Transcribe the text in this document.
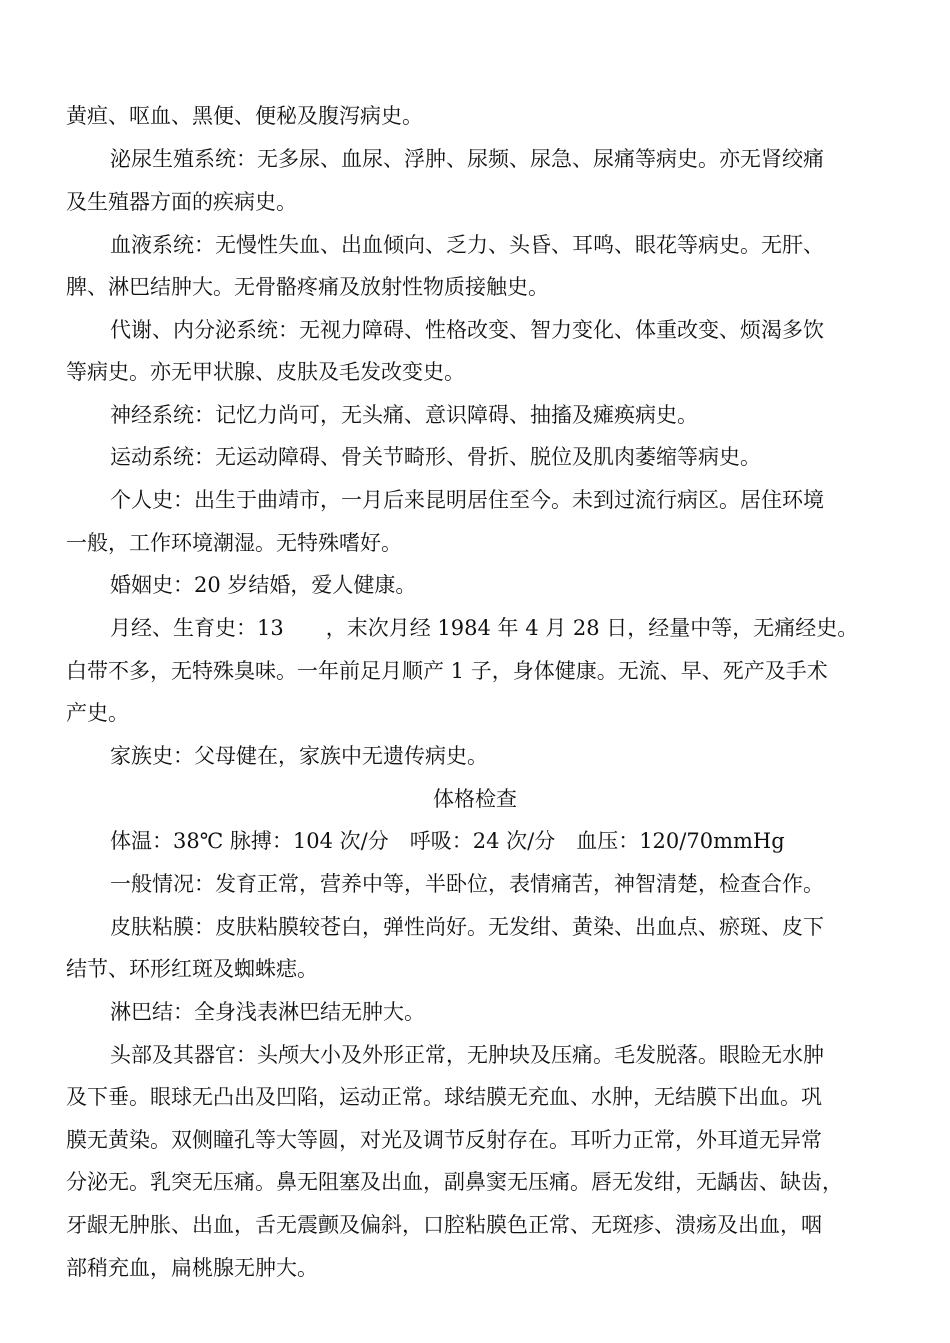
黄疸、呕血、黑便、便秘及腹泻病史。
泌尿生殖系统：无多尿、血尿、浮肿、尿频、尿急、尿痛等病史。亦无肾绞痛
及生殖器方面的疾病史。
血液系统：无慢性失血、出血倾向、乏力、头昏、耳鸣、眼花等病史。无肝、
脾、淋巴结肿大。无骨骼疼痛及放射性物质接触史。
代谢、内分泌系统：无视力障碍、性格改变、智力变化、体重改变、烦渴多饮
等病史。亦无甲状腺、皮肤及毛发改变史。
神经系统：记忆力尚可，无头痛、意识障碍、抽搐及瘫痪病史。
运动系统：无运动障碍、骨关节畸形、骨折、脱位及肌肉萎缩等病史。
个人史：出生于曲靖市，一月后来昆明居住至今。未到过流行病区。居住环境
一般，工作环境潮湿。无特殊嗜好。
婚姻史：20 岁结婚，爱人健康。
月经、生育史：13　　，末次月经 1984 年 4 月 28 日，经量中等，无痛经史。
白带不多，无特殊臭味。一年前足月顺产 1 子，身体健康。无流、早、死产及手术
产史。
家族史：父母健在，家族中无遗传病史。
体格检查
体温：38℃ 脉搏：104 次/分　呼吸：24 次/分　血压：120/70mmHg
一般情况：发育正常，营养中等，半卧位，表情痛苦，神智清楚，检查合作。
皮肤粘膜：皮肤粘膜较苍白，弹性尚好。无发绀、黄染、出血点、瘀斑、皮下
结节、环形红斑及蜘蛛痣。
淋巴结：全身浅表淋巴结无肿大。
头部及其器官：头颅大小及外形正常，无肿块及压痛。毛发脱落。眼睑无水肿
及下垂。眼球无凸出及凹陷，运动正常。球结膜无充血、水肿，无结膜下出血。巩
膜无黄染。双侧瞳孔等大等圆，对光及调节反射存在。耳听力正常，外耳道无异常
分泌无。乳突无压痛。鼻无阻塞及出血，副鼻窦无压痛。唇无发绀，无龋齿、缺齿，
牙龈无肿胀、出血，舌无震颤及偏斜，口腔粘膜色正常、无斑疹、溃疡及出血，咽
部稍充血，扁桃腺无肿大。
